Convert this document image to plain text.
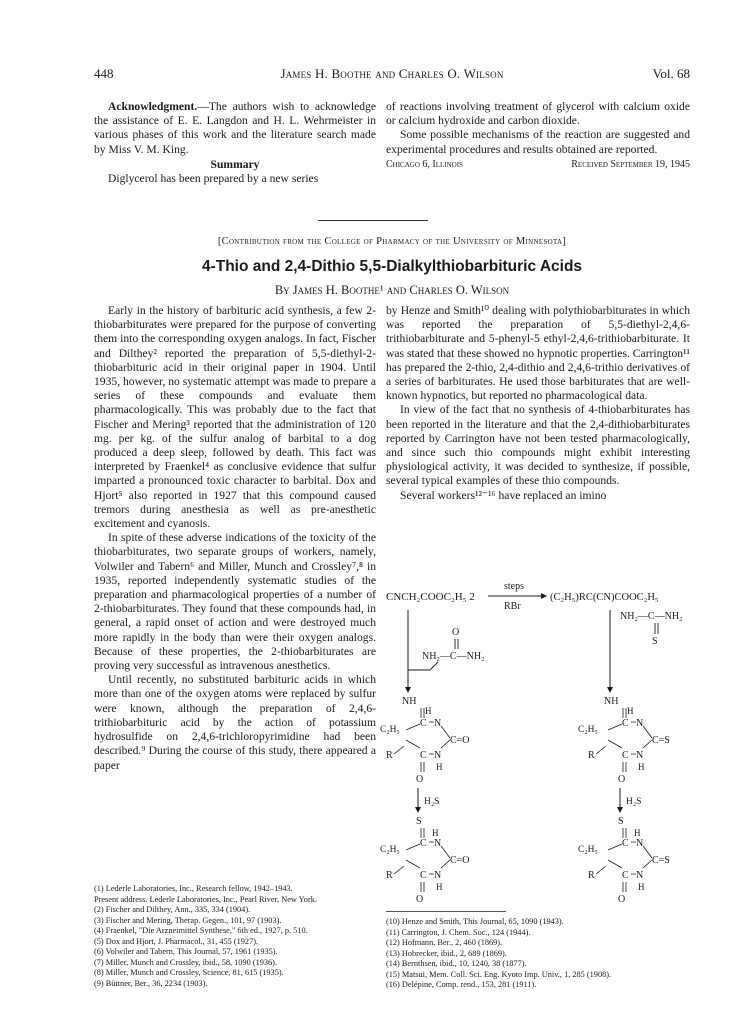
448	James H. Boothe and Charles O. Wilson	Vol. 68

Acknowledgment.—The authors wish to acknowledge the assistance of E. E. Langdon and H. L. Wehrmeister in various phases of this work and the literature search made by Miss V. M. King.

Summary

Diglycerol has been prepared by a new series

of reactions involving treatment of glycerol with calcium oxide or calcium hydroxide and carbon dioxide.

Some possible mechanisms of the reaction are suggested and experimental procedures and results obtained are reported.

Chicago 6, Illinois	Received September 19, 1945
[Contribution from the College of Pharmacy of the University of Minnesota]
4-Thio and 2,4-Dithio 5,5-Dialkylthiobarbituric Acids
By James H. Boothe¹ and Charles O. Wilson

Early in the history of barbituric acid synthesis, a few 2-thiobarbiturates were prepared for the purpose of converting them into the corresponding oxygen analogs. In fact, Fischer and Dilthey² reported the preparation of 5,5-diethyl-2-thiobarbituric acid in their original paper in 1904. Until 1935, however, no systematic attempt was made to prepare a series of these compounds and evaluate them pharmacologically. This was probably due to the fact that Fischer and Mering³ reported that the administration of 120 mg. per kg. of the sulfur analog of barbital to a dog produced a deep sleep, followed by death. This fact was interpreted by Fraenkel⁴ as conclusive evidence that sulfur imparted a pronounced toxic character to barbital. Dox and Hjort⁵ also reported in 1927 that this compound caused tremors during anesthesia as well as pre-anesthetic excitement and cyanosis.

In spite of these adverse indications of the toxicity of the thiobarbiturates, two separate groups of workers, namely, Volwiler and Tabern⁶ and Miller, Munch and Crossley⁷,⁸ in 1935, reported independently systematic studies of the preparation and pharmacological properties of a number of 2-thiobarbiturates. They found that these compounds had, in general, a rapid onset of action and were destroyed much more rapidly in the body than were their oxygen analogs. Because of these properties, the 2-thiobarbiturates are proving very successful as intravenous anesthetics.

Until recently, no substituted barbituric acids in which more than one of the oxygen atoms were replaced by sulfur were known, although the preparation of 2,4,6-trithiobarbituric acid by the action of potassium hydrosulfide on 2,4,6-trichloropyrimidine had been described.⁹ During the course of this study, there appeared a paper

by Henze and Smith¹⁰ dealing with polythiobarbiturates in which was reported the preparation of 5,5-diethyl-2,4,6-trithiobarbiturate and 5-phenyl-5 ethyl-2,4,6-trithiobarbiturate. It was stated that these showed no hypnotic properties. Carrington¹¹ has prepared the 2-thio, 2,4-dithio and 2,4,6-trithio derivatives of a series of barbiturates. He used those barbiturates that are well-known hypnotics, but reported no pharmacological data.

In view of the fact that no synthesis of 4-thiobarbiturates has been reported in the literature and that the 2,4-dithiobarbiturates reported by Carrington have not been tested pharmacologically, and since such thio compounds might exhibit interesting physiological activity, it was decided to synthesize, if possible, several typical examples of these thio compounds.

Several workers¹²⁻¹⁶ have replaced an imino

CNCH₂COOC₂H₅ 2
steps
RBr
(C₂H₅)RC(CN)COOC₂H₅
O
NH₂—C—NH₂
NH₂—C—NH₂
S
NH
H
C₂H₅
C N
C=O
R	C N
H
O
H₂S
S
H
C₂H₅
C N
C=O
R	C N
H
O
NH
H
C₂H₅
C N
C=S
R	C N
H
O
H₂S
S
H
C₂H₅
C N
C=S
R	C N
H
O
(1) Lederle Laboratories, Inc., Research fellow, 1942–1943.
Present address. Lederle Laboratories, Inc., Pearl River, New York.
(2) Fischer and Dilthey, Ann., 335, 334 (1904).
(3) Fischer and Mering, Therap. Gegen., 101, 97 (1903).
(4) Fraenkel, "Die Arzneimittel Synthese," 6th ed., 1927, p. 510.
(5) Dox and Hjort, J. Pharmacol., 31, 455 (1927).
(6) Volwiler and Tabern, This Journal, 57, 1961 (1935).
(7) Miller, Munch and Crossley, ibid., 58, 1090 (1936).
(8) Miller, Munch and Crossley, Science, 81, 615 (1935).
(9) Büttner, Ber., 36, 2234 (1903).
(10) Henze and Smith, This Journal, 65, 1090 (1943).
(11) Carrington, J. Chem. Soc., 124 (1944).
(12) Hofmann, Ber., 2, 460 (1869).
(13) Hobrecker, ibid., 2, 689 (1869).
(14) Bernthsen, ibid., 10, 1240, 38 (1877).
(15) Matsui, Mem. Coll. Sci. Eng. Kyoto Imp. Univ., 1, 285 (1908).
(16) Delépine, Comp. rend., 153, 281 (1911).
